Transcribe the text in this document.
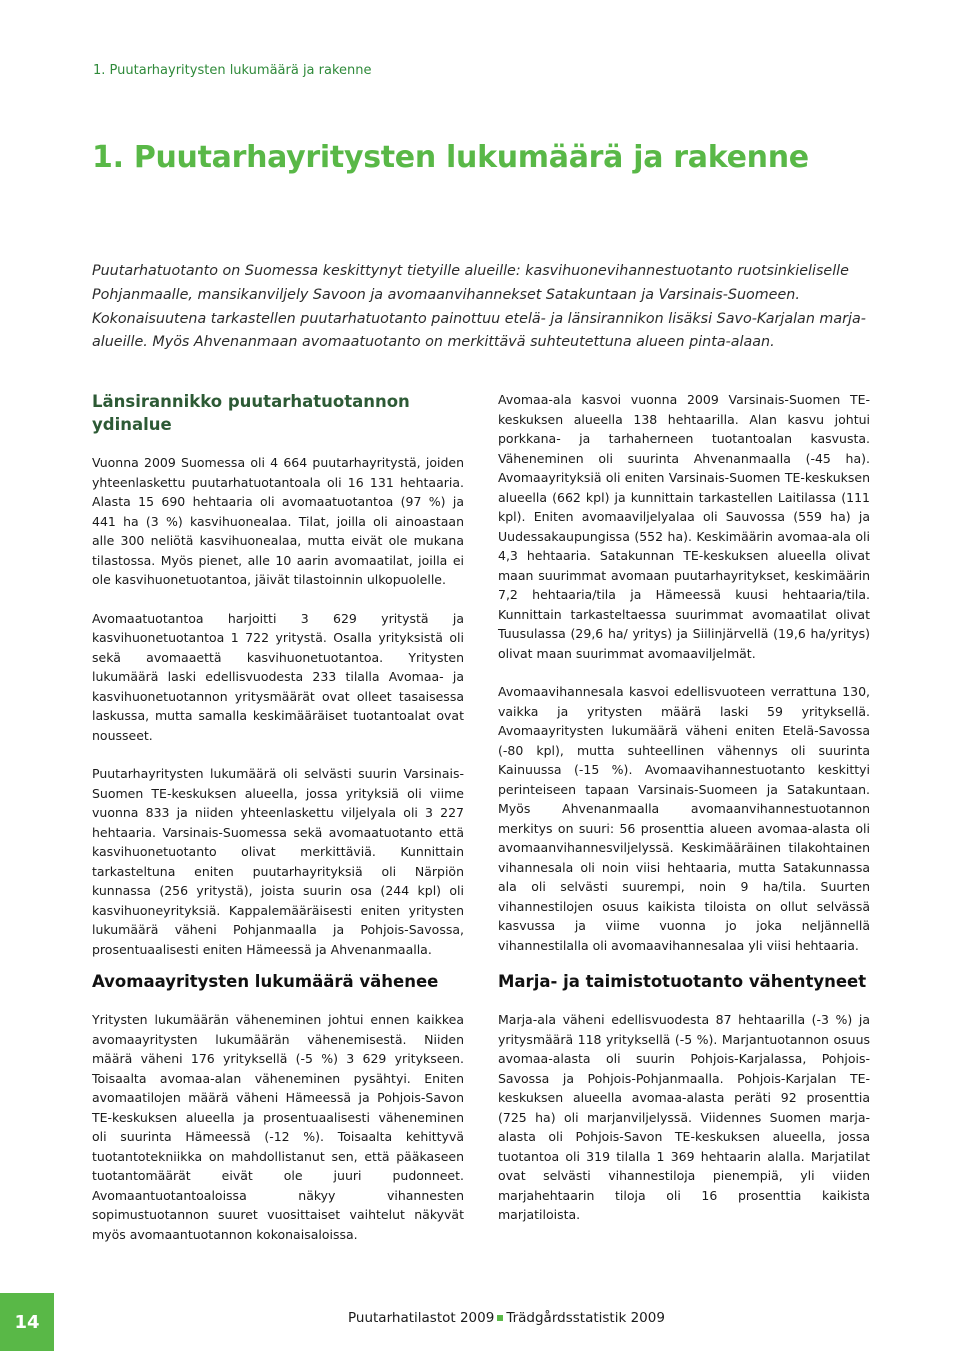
1. Puutarhayritysten lukumäärä ja rakenne
1. Puutarhayritysten lukumäärä ja rakenne

Puutarhatuotanto on Suomessa keskittynyt tietyille alueille: kasvihuonevihannestuotanto ruotsinkieliselle Pohjanmaalle, mansikanviljely Savoon ja avomaanvihannekset Satakuntaan ja Varsinais-Suomeen. Kokonaisuutena tarkastellen puutarhatuotanto painottuu etelä- ja länsirannikon lisäksi Savo-Karjalan marja-alueille. Myös Ahvenanmaan avomaatuotanto on merkittävä suhteutettuna alueen pinta-alaan.

Länsirannikko puutarhatuotannon ydinalue

Vuonna 2009 Suomessa oli 4 664 puutarhayritystä, joiden yhteenlaskettu puutarhatuotantoala oli 16 131 hehtaaria. Alasta 15 690 hehtaaria oli avomaatuotantoa (97 %) ja 441 ha (3 %) kasvihuonealaa. Tilat, joilla oli ainoastaan alle 300 neliötä kasvihuonealaa, mutta eivät ole mukana tilastossa. Myös pienet, alle 10 aarin avomaatilat, joilla ei ole kasvihuonetuotantoa, jäivät tilastoinnin ulkopuolelle.

Avomaatuotantoa harjoitti 3 629 yritystä ja kasvihuonetuotantoa 1 722 yritystä. Osalla yrityksistä oli sekä avomaaettä kasvihuonetuotantoa. Yritysten lukumäärä laski edellisvuodesta 233 tilalla Avomaa- ja kasvihuonetuotannon yritysmäärät ovat olleet tasaisessa laskussa, mutta samalla keskimääräiset tuotantoalat ovat nousseet.

Puutarhayritysten lukumäärä oli selvästi suurin Varsinais-Suomen TE-keskuksen alueella, jossa yrityksiä oli viime vuonna 833 ja niiden yhteenlaskettu viljelyala oli 3 227 hehtaaria. Varsinais-Suomessa sekä avomaatuotanto että kasvihuonetuotanto olivat merkittäviä. Kunnittain tarkasteltuna eniten puutarhayrityksiä oli Närpiön kunnassa (256 yritystä), joista suurin osa (244 kpl) oli kasvihuoneyrityksiä. Kappalemääräisesti eniten yritysten lukumäärä väheni Pohjanmaalla ja Pohjois-Savossa, prosentuaalisesti eniten Hämeessä ja Ahvenanmaalla.

Avomaa-ala kasvoi vuonna 2009 Varsinais-Suomen TE-keskuksen alueella 138 hehtaarilla. Alan kasvu johtui porkkana- ja tarhaherneen tuotantoalan kasvusta. Väheneminen oli suurinta Ahvenanmaalla (-45 ha). Avomaayrityksiä oli eniten Varsinais-Suomen TE-keskuksen alueella (662 kpl) ja kunnittain tarkastellen Laitilassa (111 kpl). Eniten avomaaviljelyalaa oli Sauvossa (559 ha) ja Uudessakaupungissa (552 ha). Keskimäärin avomaa-ala oli 4,3 hehtaaria. Satakunnan TE-keskuksen alueella olivat maan suurimmat avomaan puutarhayritykset, keskimäärin 7,2 hehtaaria/tila ja Hämeessä kuusi hehtaaria/tila. Kunnittain tarkasteltaessa suurimmat avomaatilat olivat Tuusulassa (29,6 ha/ yritys) ja Siilinjärvellä (19,6 ha/yritys) olivat maan suurimmat avomaaviljelmät.

Avomaavihannesala kasvoi edellisvuoteen verrattuna 130, vaikka ja yritysten määrä laski 59 yrityksellä. Avomaayritysten lukumäärä väheni eniten Etelä-Savossa (-80 kpl), mutta suhteellinen vähennys oli suurinta Kainuussa (-15 %). Avomaavihannestuotanto keskittyi perinteiseen tapaan Varsinais-Suomeen ja Satakuntaan. Myös Ahvenanmaalla avomaanvihannestuotannon merkitys on suuri: 56 prosenttia alueen avomaa-alasta oli avomaanvihannesviljelyssä. Keskimääräinen tilakohtainen vihannesala oli noin viisi hehtaaria, mutta Satakunnassa ala oli selvästi suurempi, noin 9 ha/tila. Suurten vihannestilojen osuus kaikista tiloista on ollut selvässä kasvussa ja viime vuonna jo joka neljännellä vihannestilalla oli avomaavihannesalaa yli viisi hehtaaria.

Avomaayritysten lukumäärä vähenee

Yritysten lukumäärän väheneminen johtui ennen kaikkea avomaayritysten lukumäärän vähenemisestä. Niiden määrä väheni 176 yrityksellä (-5 %) 3 629 yritykseen. Toisaalta avomaa-alan väheneminen pysähtyi. Eniten avomaatilojen määrä väheni Hämeessä ja Pohjois-Savon TE-keskuksen alueella ja prosentuaalisesti väheneminen oli suurinta Hämeessä (-12 %). Toisaalta kehittyvä tuotantotekniikka on mahdollistanut sen, että pääkaseen tuotantomäärät eivät ole juuri pudonneet. Avomaantuotantoaloissa näkyy vihannesten sopimustuotannon suuret vuosittaiset vaihtelut näkyvät myös avomaantuotannon kokonaisaloissa.

Marja- ja taimistotuotanto vähentyneet

Marja-ala väheni edellisvuodesta 87 hehtaarilla (-3 %) ja yritysmäärä 118 yrityksellä (-5 %). Marjantuotannon osuus avomaa-alasta oli suurin Pohjois-Karjalassa, Pohjois- Savossa ja Pohjois-Pohjanmaalla. Pohjois-Karjalan TE-keskuksen alueella avomaa-alasta peräti 92 prosenttia (725 ha) oli marjanviljelyssä. Viidennes Suomen marja-alasta oli Pohjois-Savon TE-keskuksen alueella, jossa tuotantoa oli 319 tilalla 1 369 hehtaarin alalla. Marjatilat ovat selvästi vihannestiloja pienempiä, yli viiden marjahehtaarin tiloja oli 16 prosenttia kaikista marjatiloista.

14	Puutarhatilastot 2009 Trädgårdsstatistik 2009
